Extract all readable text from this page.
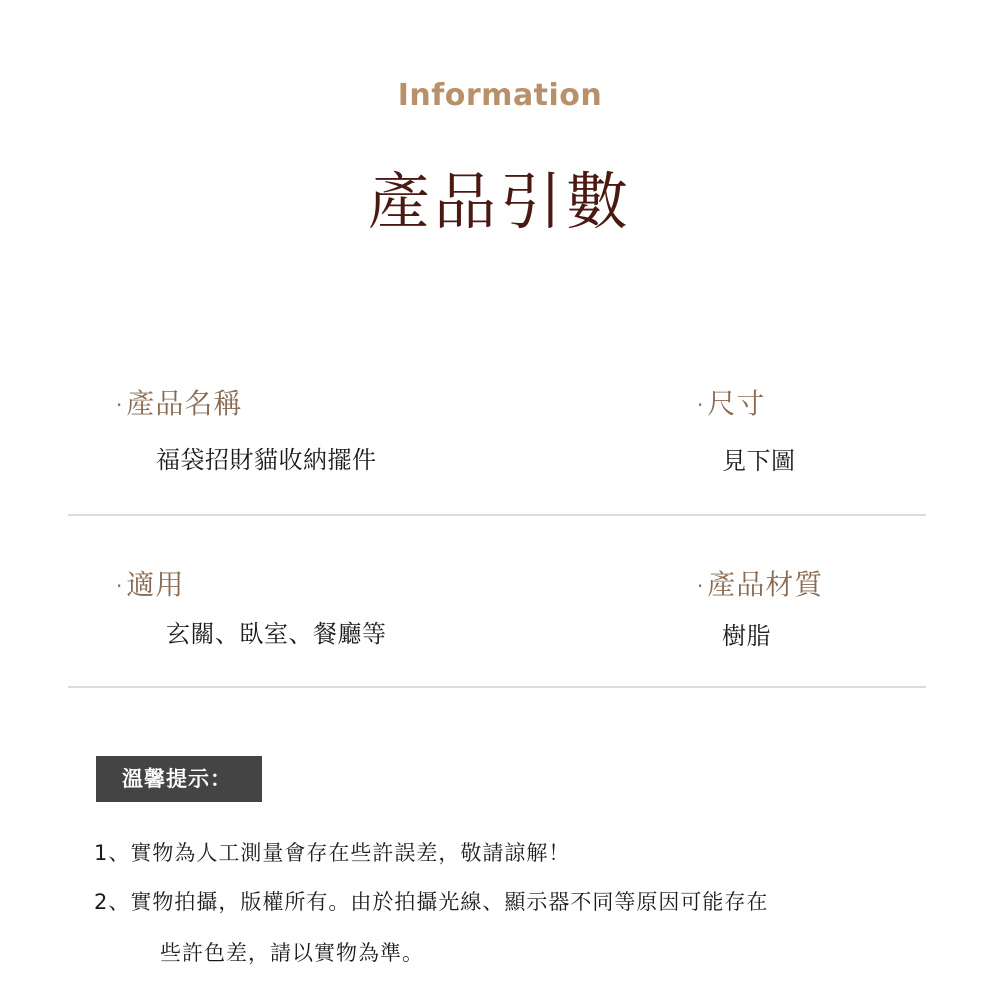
Information
產品引數
· 產品名稱
福袋招財貓收納擺件
· 尺寸
見下圖
· 適用
玄關、臥室、餐廳等
· 產品材質
樹脂
溫馨提示：
1、實物為人工測量會存在些許誤差，敬請諒解！
2、實物拍攝，版權所有。由於拍攝光線、顯示器不同等原因可能存在
些許色差，請以實物為準。
